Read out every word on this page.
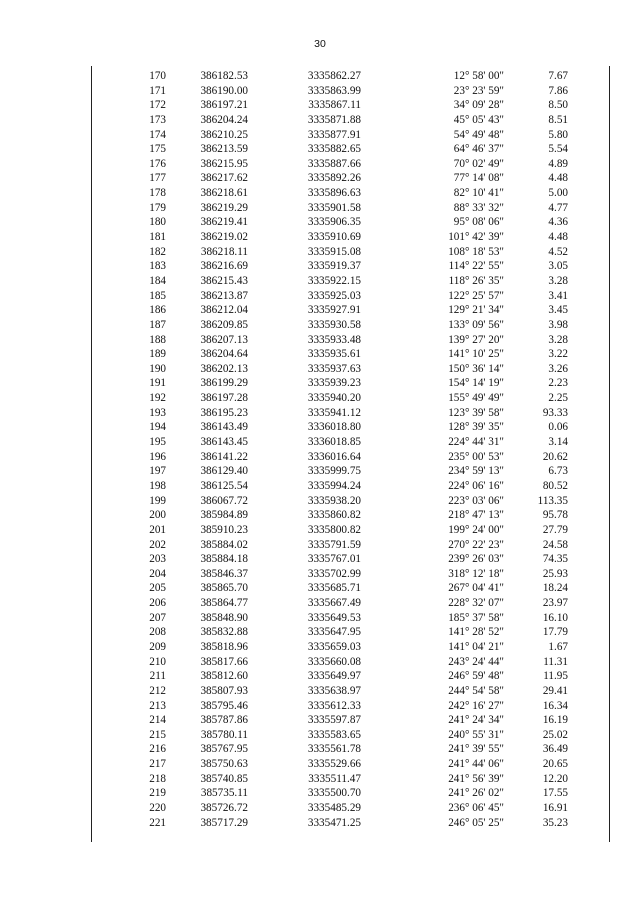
30
170	386182.53	3335862.27	12° 58' 00"	7.67
171	386190.00	3335863.99	23° 23' 59"	7.86
172	386197.21	3335867.11	34° 09' 28"	8.50
173	386204.24	3335871.88	45° 05' 43"	8.51
174	386210.25	3335877.91	54° 49' 48"	5.80
175	386213.59	3335882.65	64° 46' 37"	5.54
176	386215.95	3335887.66	70° 02' 49"	4.89
177	386217.62	3335892.26	77° 14' 08"	4.48
178	386218.61	3335896.63	82° 10' 41"	5.00
179	386219.29	3335901.58	88° 33' 32"	4.77
180	386219.41	3335906.35	95° 08' 06"	4.36
181	386219.02	3335910.69	101° 42' 39"	4.48
182	386218.11	3335915.08	108° 18' 53"	4.52
183	386216.69	3335919.37	114° 22' 55"	3.05
184	386215.43	3335922.15	118° 26' 35"	3.28
185	386213.87	3335925.03	122° 25' 57"	3.41
186	386212.04	3335927.91	129° 21' 34"	3.45
187	386209.85	3335930.58	133° 09' 56"	3.98
188	386207.13	3335933.48	139° 27' 20"	3.28
189	386204.64	3335935.61	141° 10' 25"	3.22
190	386202.13	3335937.63	150° 36' 14"	3.26
191	386199.29	3335939.23	154° 14' 19"	2.23
192	386197.28	3335940.20	155° 49' 49"	2.25
193	386195.23	3335941.12	123° 39' 58"	93.33
194	386143.49	3336018.80	128° 39' 35"	0.06
195	386143.45	3336018.85	224° 44' 31"	3.14
196	386141.22	3336016.64	235° 00' 53"	20.62
197	386129.40	3335999.75	234° 59' 13"	6.73
198	386125.54	3335994.24	224° 06' 16"	80.52
199	386067.72	3335938.20	223° 03' 06"	113.35
200	385984.89	3335860.82	218° 47' 13"	95.78
201	385910.23	3335800.82	199° 24' 00"	27.79
202	385884.02	3335791.59	270° 22' 23"	24.58
203	385884.18	3335767.01	239° 26' 03"	74.35
204	385846.37	3335702.99	318° 12' 18"	25.93
205	385865.70	3335685.71	267° 04' 41"	18.24
206	385864.77	3335667.49	228° 32' 07"	23.97
207	385848.90	3335649.53	185° 37' 58"	16.10
208	385832.88	3335647.95	141° 28' 52"	17.79
209	385818.96	3335659.03	141° 04' 21"	1.67
210	385817.66	3335660.08	243° 24' 44"	11.31
211	385812.60	3335649.97	246° 59' 48"	11.95
212	385807.93	3335638.97	244° 54' 58"	29.41
213	385795.46	3335612.33	242° 16' 27"	16.34
214	385787.86	3335597.87	241° 24' 34"	16.19
215	385780.11	3335583.65	240° 55' 31"	25.02
216	385767.95	3335561.78	241° 39' 55"	36.49
217	385750.63	3335529.66	241° 44' 06"	20.65
218	385740.85	3335511.47	241° 56' 39"	12.20
219	385735.11	3335500.70	241° 26' 02"	17.55
220	385726.72	3335485.29	236° 06' 45"	16.91
221	385717.29	3335471.25	246° 05' 25"	35.23
